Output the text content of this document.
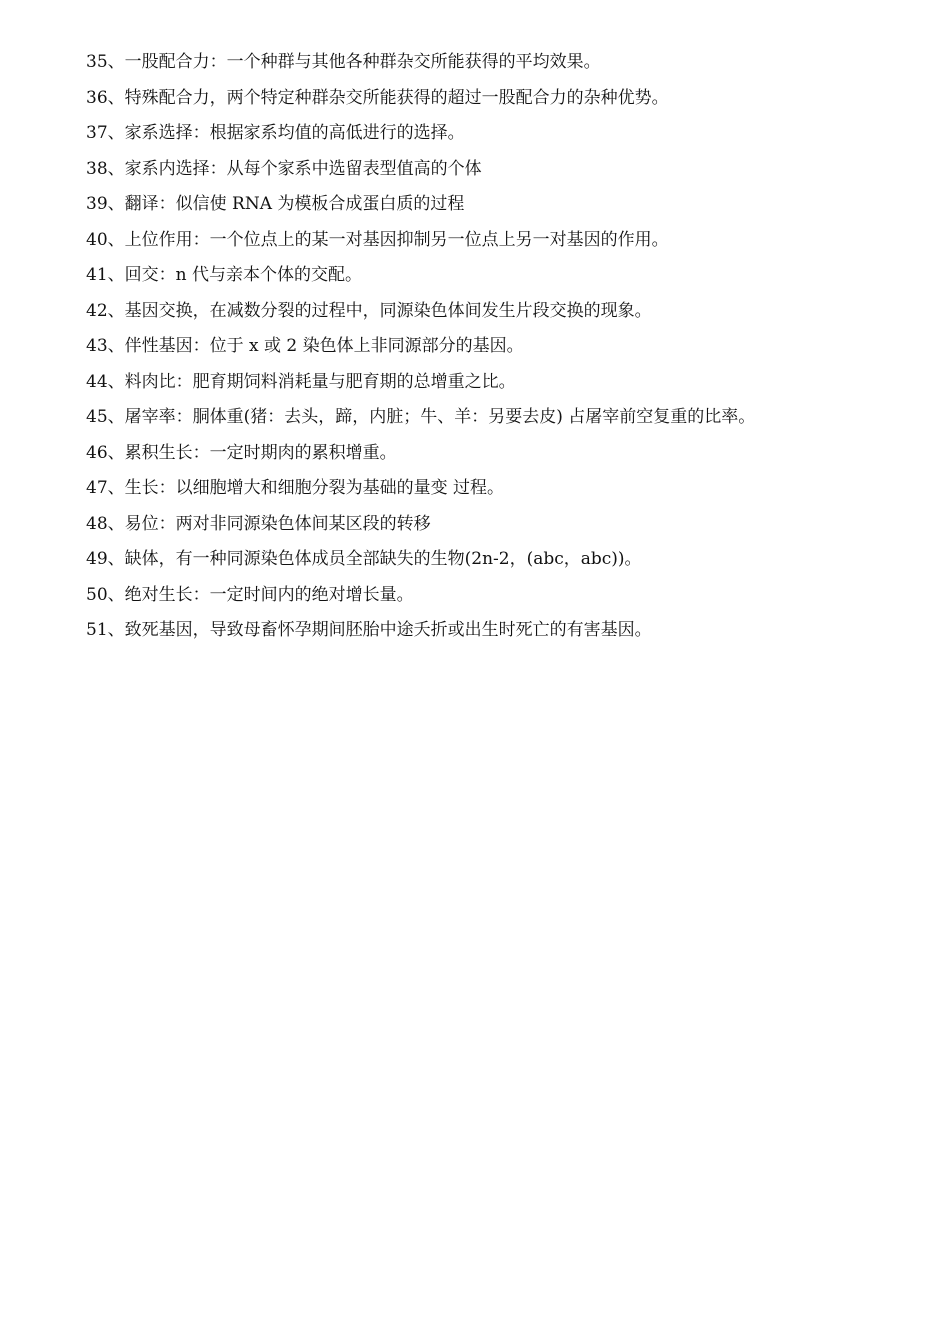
35、一股配合力：一个种群与其他各种群杂交所能获得的平均效果。
36、特殊配合力，两个特定种群杂交所能获得的超过一股配合力的杂种优势。
37、家系选择：根据家系均值的高低进行的选择。
38、家系内选择：从每个家系中选留表型值高的个体
39、翻译：似信使 RNA 为模板合成蛋白质的过程
40、上位作用：一个位点上的某一对基因抑制另一位点上另一对基因的作用。
41、回交：n 代与亲本个体的交配。
42、基因交换，在减数分裂的过程中，同源染色体间发生片段交换的现象。
43、伴性基因：位于 x 或 2 染色体上非同源部分的基因。
44、料肉比：肥育期饲料消耗量与肥育期的总增重之比。
45、屠宰率：胴体重(猪：去头，蹄，内脏；牛、羊：另要去皮) 占屠宰前空复重的比率。
46、累积生长：一定时期肉的累积增重。
47、生长：以细胞增大和细胞分裂为基础的量变 过程。
48、易位：两对非同源染色体间某区段的转移
49、缺体，有一种同源染色体成员全部缺失的生物(2n-2，(abc，abc))。
50、绝对生长：一定时间内的绝对增长量。
51、致死基因，导致母畜怀孕期间胚胎中途夭折或出生时死亡的有害基因。
